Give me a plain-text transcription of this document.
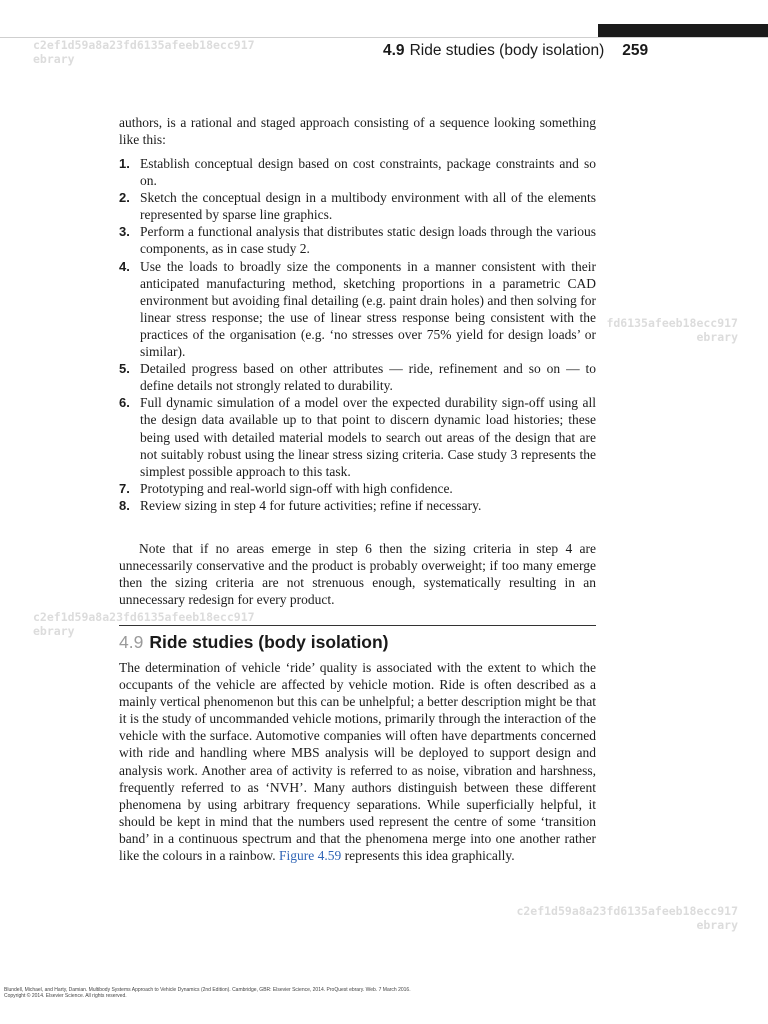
c2ef1d59a8a23fd6135afeeb18ecc917
ebrary	4.9 Ride studies (body isolation) 259
authors, is a rational and staged approach consisting of a sequence looking something like this:
1. Establish conceptual design based on cost constraints, package constraints and so on.
2. Sketch the conceptual design in a multibody environment with all of the elements represented by sparse line graphics.
3. Perform a functional analysis that distributes static design loads through the various components, as in case study 2.
4. Use the loads to broadly size the components in a manner consistent with their anticipated manufacturing method, sketching proportions in a parametric CAD environment but avoiding final detailing (e.g. paint drain holes) and then solving for linear stress response; the use of linear stress response being consistent with the practices of the organisation (e.g. ‘no stresses over 75% yield for design loads’ or similar).
5. Detailed progress based on other attributes — ride, refinement and so on — to define details not strongly related to durability.
6. Full dynamic simulation of a model over the expected durability sign-off using all the design data available up to that point to discern dynamic load histories; these being used with detailed material models to search out areas of the design that are not suitably robust using the linear stress sizing criteria. Case study 3 represents the simplest possible approach to this task.
7. Prototyping and real-world sign-off with high confidence.
8. Review sizing in step 4 for future activities; refine if necessary.
fd6135afeeb18ecc917
ebrary
Note that if no areas emerge in step 6 then the sizing criteria in step 4 are unnecessarily conservative and the product is probably overweight; if too many emerge then the sizing criteria are not strenuous enough, systematically resulting in an unnecessary redesign for every product.
c2ef1d59a8a23fd6135afeeb18ecc917
ebrary
4.9 Ride studies (body isolation)
The determination of vehicle ‘ride’ quality is associated with the extent to which the occupants of the vehicle are affected by vehicle motion. Ride is often described as a mainly vertical phenomenon but this can be unhelpful; a better description might be that it is the study of uncommanded vehicle motions, primarily through the interaction of the vehicle with the surface. Automotive companies will often have departments concerned with ride and handling where MBS analysis will be deployed to support design and analysis work. Another area of activity is referred to as noise, vibration and harshness, frequently referred to as ‘NVH’. Many authors distinguish between these different phenomena by using arbitrary frequency separations. While superficially helpful, it should be kept in mind that the numbers used represent the centre of some ‘transition band’ in a continuous spectrum and that the phenomena merge into one another rather like the colours in a rainbow. Figure 4.59 represents this idea graphically.
c2ef1d59a8a23fd6135afeeb18ecc917
ebrary
Blundell, Michael, and Harty, Damian. Multibody Systems Approach to Vehicle Dynamics (2nd Edition). Cambridge, GBR: Elsevier Science, 2014. ProQuest ebrary. Web. 7 March 2016.
Copyright © 2014. Elsevier Science. All rights reserved.
